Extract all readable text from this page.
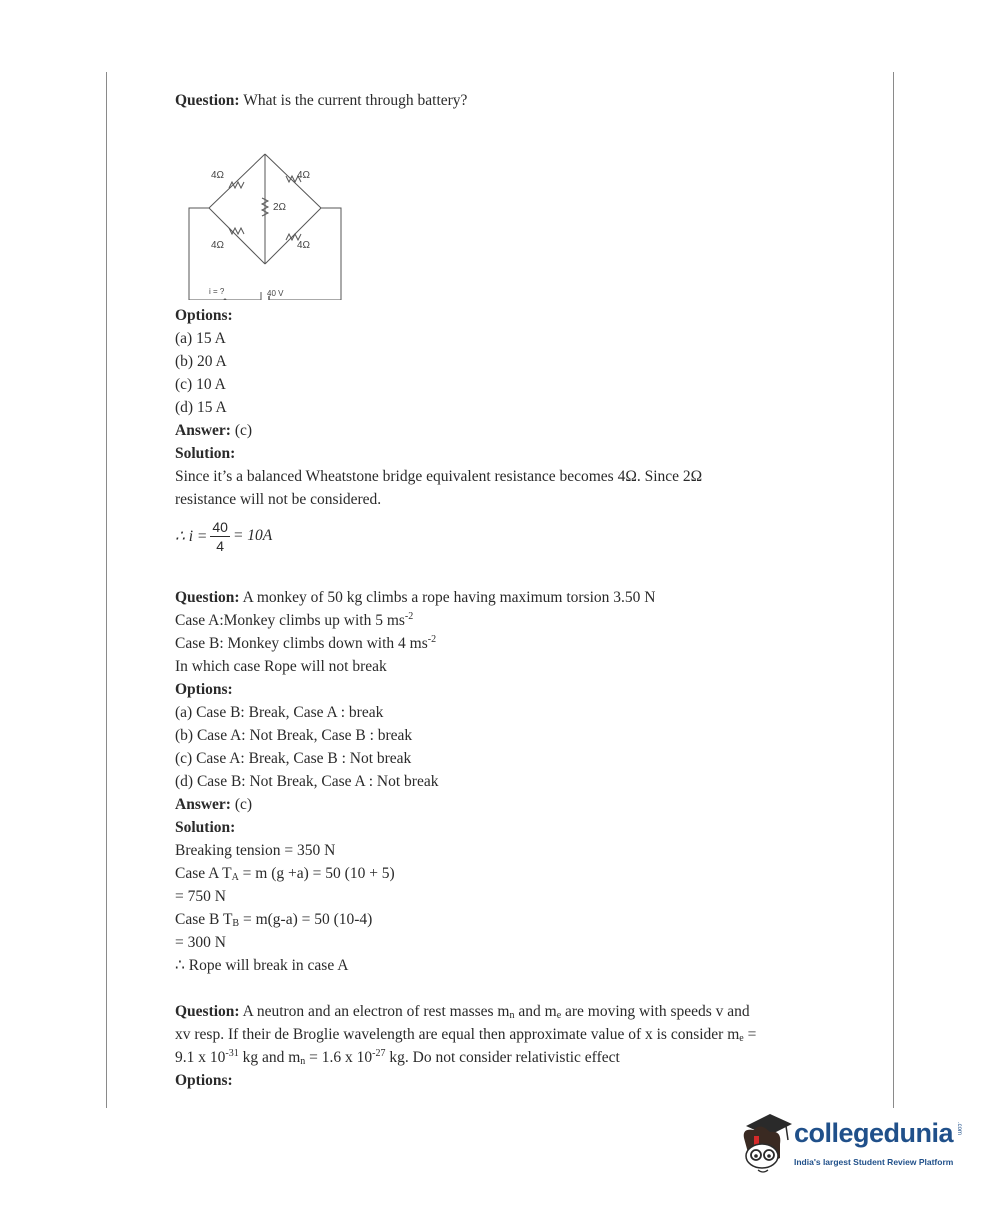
Question: What is the current through battery?
4Ω	4Ω
2Ω
4Ω	4Ω
i = ?	40 V
Options:
(a) 15 A
(b) 20 A
(c) 10 A
(d) 15 A
Answer: (c)
Solution:
Since it’s a balanced Wheatstone bridge equivalent resistance becomes 4Ω. Since 2Ω
resistance will not be considered.
∴ $i = \frac{40}{4} = 10A$
Question: A monkey of 50 kg climbs a rope having maximum torsion 3.50 N
Case A:Monkey climbs up with 5 $ms^{-2}$
Case B: Monkey climbs down with 4 $ms^{-2}$
In which case Rope will not break
Options:
(a) Case B: Break, Case A : break
(b) Case A: Not Break, Case B : break
(c) Case A: Break, Case B : Not break
(d) Case B: Not Break, Case A : Not break
Answer: (c)
Solution:
Breaking tension = 350 N
Case A $T_A = m$ (g +a) = 50 (10 + 5)
= 750 N
Case B $T_B = m(g-a) = 50$ (10-4)
= 300 N
∴ Rope will break in case A
Question: A neutron and an electron of rest masses $m_n$ and $m_e$ are moving with speeds v and
xv resp. If their de Broglie wavelength are equal then approximate value of x is consider $m_e$ =
9.1 x $10^{-31}$ kg and $m_n = 1.6$ x $10^{-27}$ kg. Do not consider relativistic effect
Options:
collegedunia .com
India's largest Student Review Platform
